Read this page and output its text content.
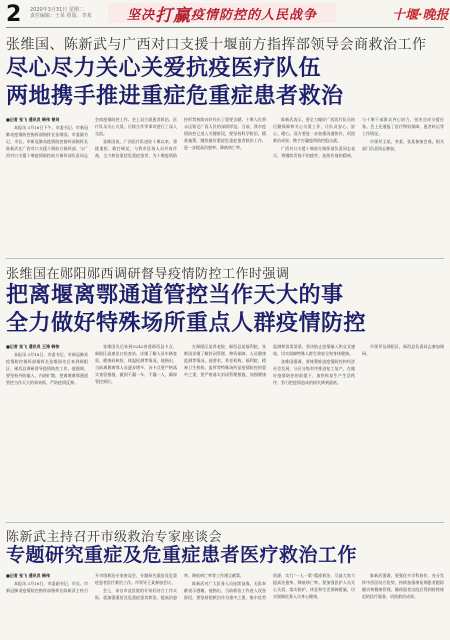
2 2020年3月31日 星期二
责任编辑：王某 组版：李某	坚决 打赢 疫情防控的人民战争	十堰·晚报
张维国、陈新武与广西对口支援十堰前方指挥部领导会商救治工作
尽心尽力关心关爱抗疫医疗队伍
两地携手推进重症危重症患者救治

■记者 张飞 通讯员 韩伟 曾剑

本报讯 3月18日下午，市委书记、市新冠肺炎疫情防控指挥部指挥长张维国，市委副书记、市长、市新冠肺炎疫情防控指挥部指挥长陈新武在广西对口支援十堰前方指挥部，与广西对口支援十堰疫情防控前方指挥部负责同志会商疫情防控工作。会上双方就患者救治、医疗队员关心关爱、后续合作等事项进行了深入交流。

张维国说，广西医疗队进驻十堰以来，勇挑重担、敢打硬仗，与我市医务人员并肩作战，全力救治重症危重症患者，为十堰疫情防控形势持续向好作出了重要贡献。十堰人民将永远铭记广西人民的深情厚谊。当前，我市疫情防控已进入关键阶段，要坚持科学防治、精准施策，继续做好重症危重症患者救治工作，进一步提高治愈率、降低病亡率。

陈新武表示，要全力做好广西医疗队员的后勤保障和关心关爱工作，让队员安心、舒心、暖心。双方要进一步加强沟通协作，巩固救治成果，携手打赢疫情防控阻击战。

广西对口支援十堰前方指挥部负责同志表示，将继续发扬不怕疲劳、连续作战的精神，与十堰干部群众齐心协力，坚决完成支援任务。会上还通报了医疗物资保障、患者转运等工作情况。

市领导王某、李某、张某参加会商。相关部门负责同志参加。

张维国在郧阳郧西调研督导疫情防控工作时强调
把离堰离鄂通道管控当作天大的事
全力做好特殊场所重点人群疫情防控

■记者 张飞 通讯员 王涛 韩伟

本报讯 3月18日，市委书记、市新冠肺炎疫情防控指挥部指挥长张维国先后来到郧阳区、郧西县调研督导疫情防控工作。他强调，要坚持外防输入、内防扩散，把离堰离鄂通道管控当作天大的事来抓，严防疫情反弹。

张维国先后来到G242省道郧西县卡点、郧阳区高速出口检查站，详细了解人员车辆查验、健康码核验、体温检测等情况。他指出，当前离堰离鄂人员逐步增多，各卡点要严格落实查验措施，做到不漏一车、不漏一人，确保管控到位。

在郧阳区某养老院、郧西县某福利院，张维国详细了解封闭管理、物资保障、人员健康监测等情况。他要求，养老机构、福利院、精神卫生机构、监所等特殊场所是疫情防控的重中之重，要严格落实封闭管理措施，加强健康监测和消毒消杀，坚决防止疫情输入和交叉感染，切实保障特殊人群生命安全和身体健康。

张维国强调，要统筹推进疫情防控和经济社会发展，分区分级有序推进复工复产，在做好疫情防控的前提下，加快恢复生产生活秩序，努力把疫情造成的损失降到最低。

市领导及郧阳区、郧西县负责同志参加调研。

陈新武主持召开市级救治专家座谈会
专题研究重症及危重症患者医疗救治工作

■记者 张飞 通讯员 韩伟

本报讯 3月18日，市委副书记、市长、市新冠肺炎疫情防控指挥部指挥长陈新武主持召开市级救治专家座谈会，专题研究重症及危重症患者医疗救治工作。市领导王某参加会议。

会上，来自市直医院的专家们结合工作实际，就加强重症及危重症患者救治、提高治愈率、降低病亡率等工作建言献策。

陈新武对广大医务人员连续奋战、无私奉献表示感谢。他指出，当前救治工作进入攻坚阶段，要坚持把救治作为重中之重，集中优势资源，实行“一人一策”精准救治，尽最大努力提高治愈率、降低病亡率。要加强医护人员关心关爱，落实防护、休息和生活保障措施，切实保障医务人员身心健康。

陈新武强调，要强化多学科协作，充分发挥中西医结合优势，持续加强康复期患者跟踪随访和健康管理，确保患者出院后得到持续规范的医疗服务，巩固救治成果。
